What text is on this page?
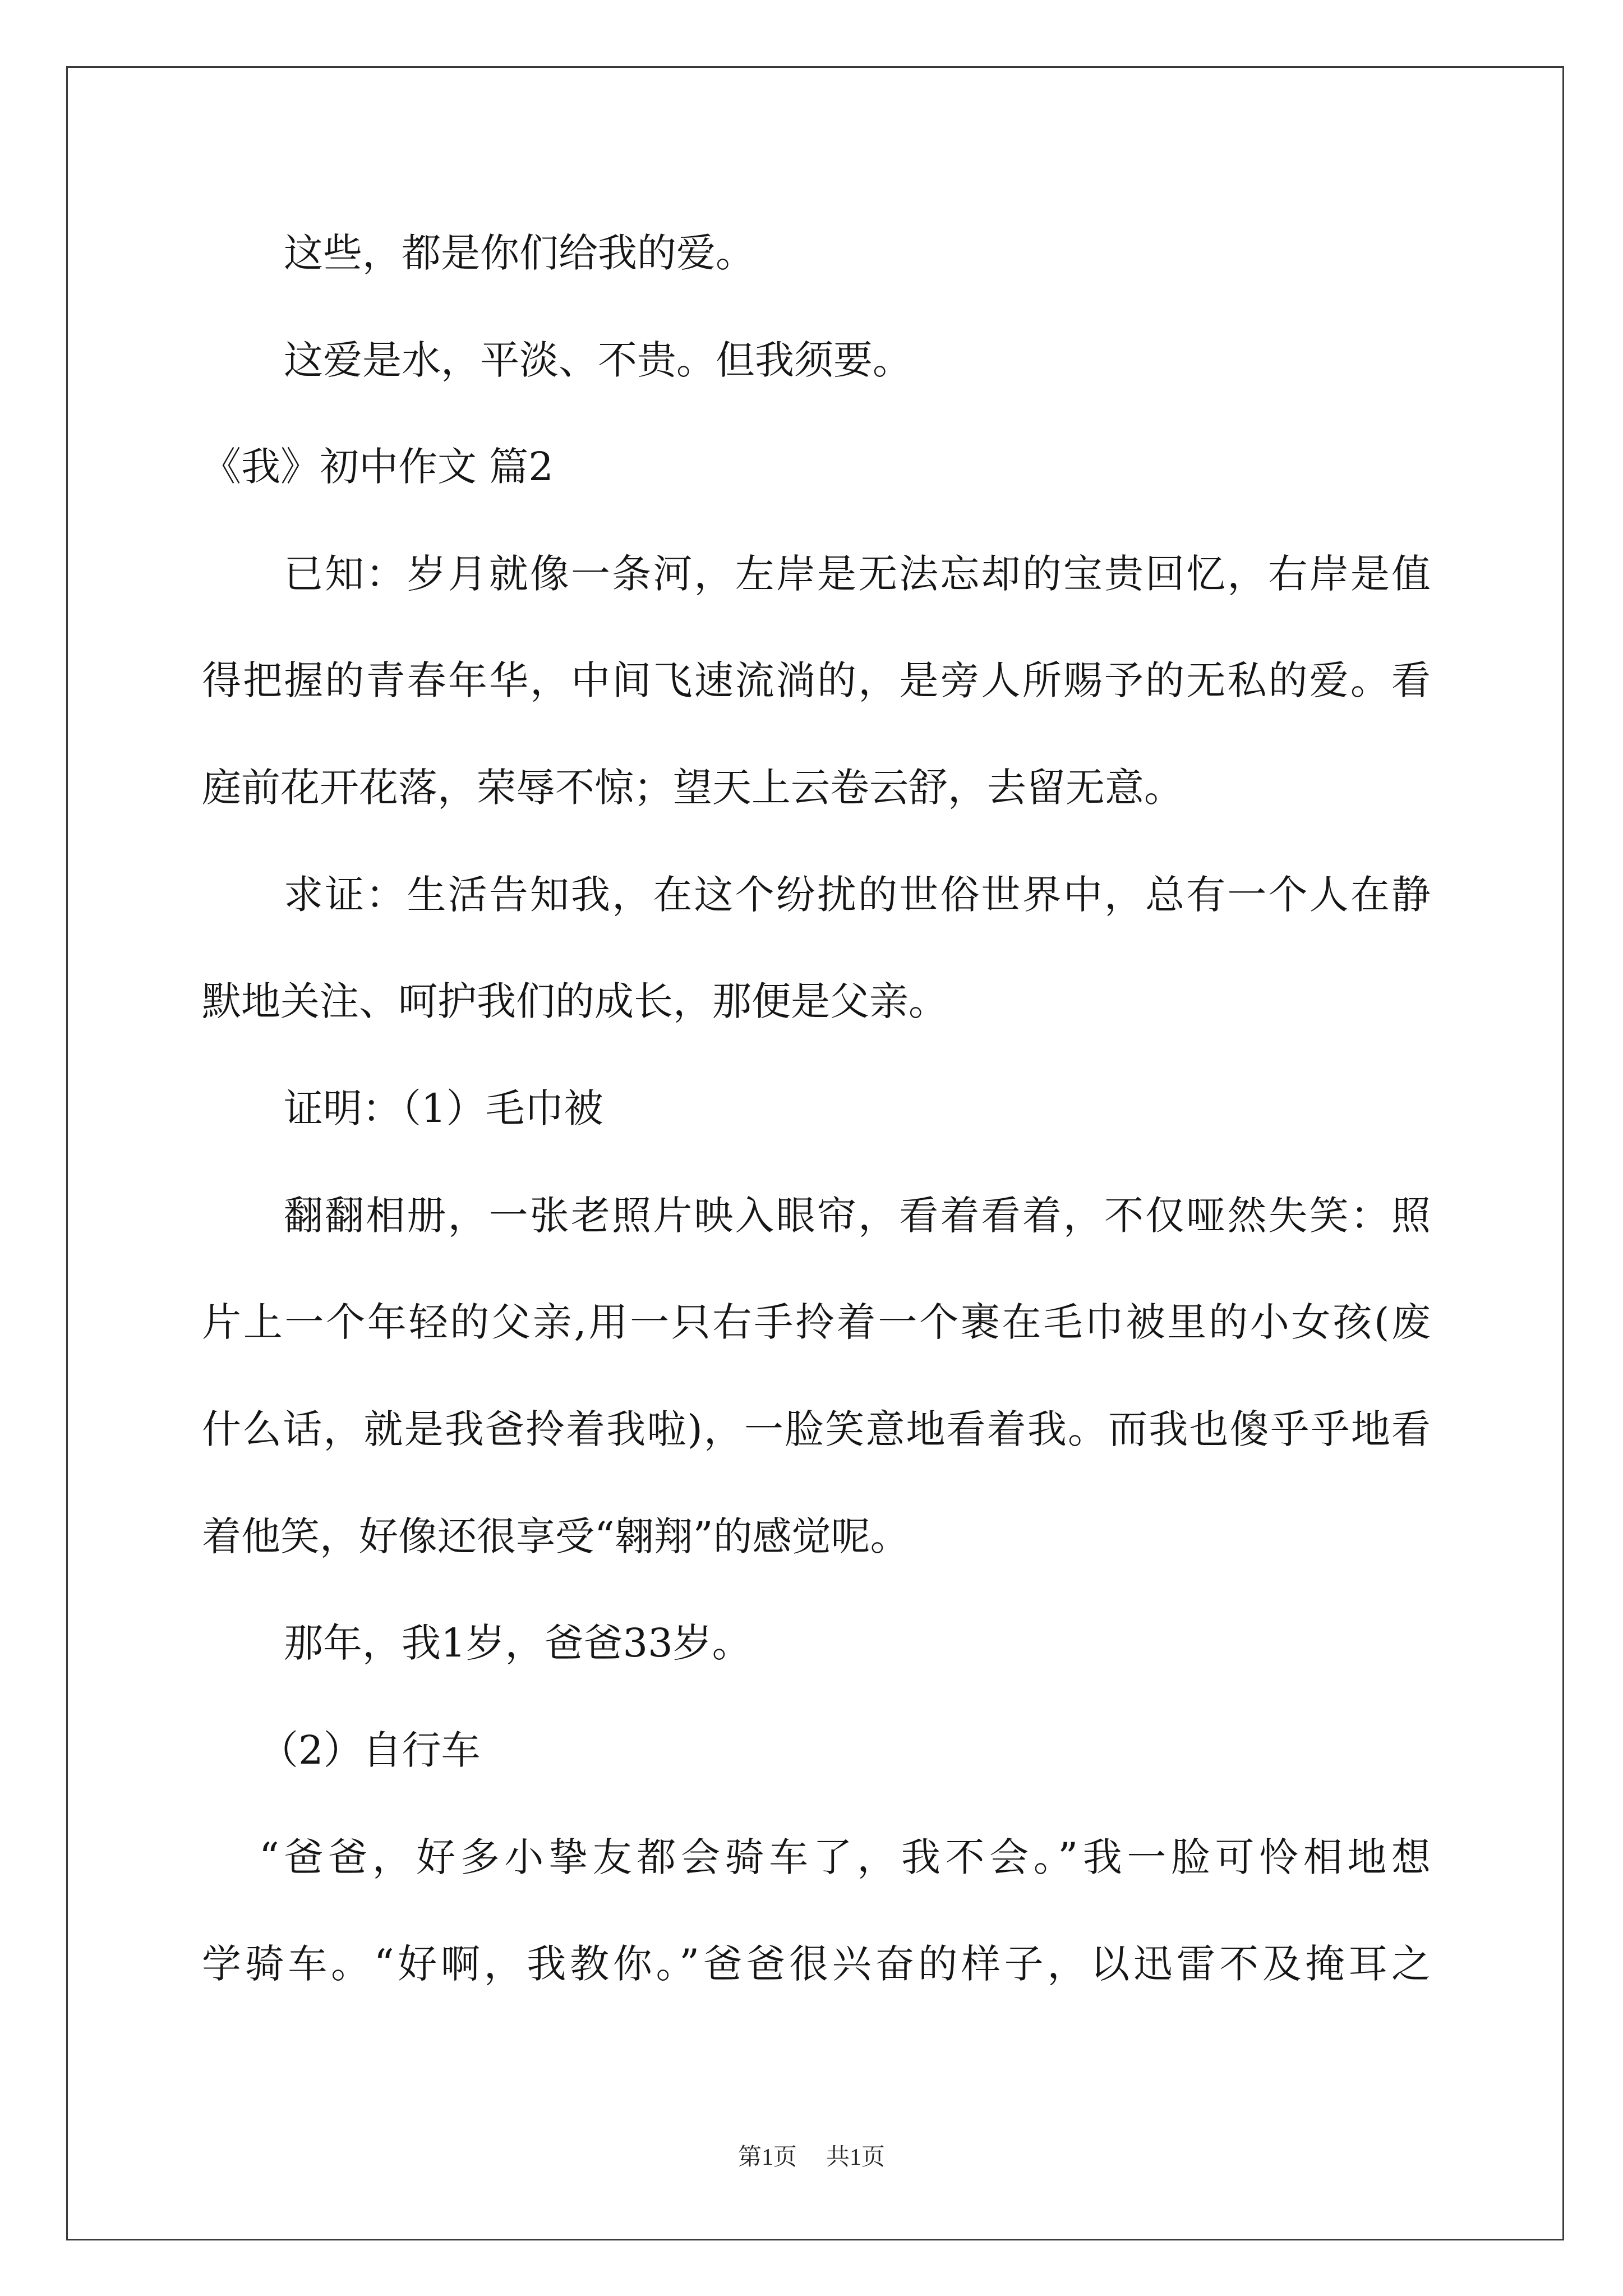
这些，都是你们给我的爱。
这爱是水，平淡、不贵。但我须要。
《我》初中作文 篇2
已知：岁月就像一条河，左岸是无法忘却的宝贵回忆，右岸是值
得把握的青春年华，中间飞速流淌的，是旁人所赐予的无私的爱。看
庭前花开花落，荣辱不惊；望天上云卷云舒，去留无意。
求证：生活告知我，在这个纷扰的世俗世界中，总有一个人在静
默地关注、呵护我们的成长，那便是父亲。
证明：（1）毛巾被
翻翻相册，一张老照片映入眼帘，看着看着，不仅哑然失笑：照
片上一个年轻的父亲,用一只右手拎着一个裹在毛巾被里的小女孩(废
什么话，就是我爸拎着我啦)，一脸笑意地看着我。而我也傻乎乎地看
着他笑，好像还很享受“翱翔”的感觉呢。
那年，我1岁，爸爸33岁。
（2）自行车
“爸爸，好多小挚友都会骑车了，我不会。”我一脸可怜相地想
学骑车。“好啊，我教你。”爸爸很兴奋的样子，以迅雷不及掩耳之
第1页 共1页
